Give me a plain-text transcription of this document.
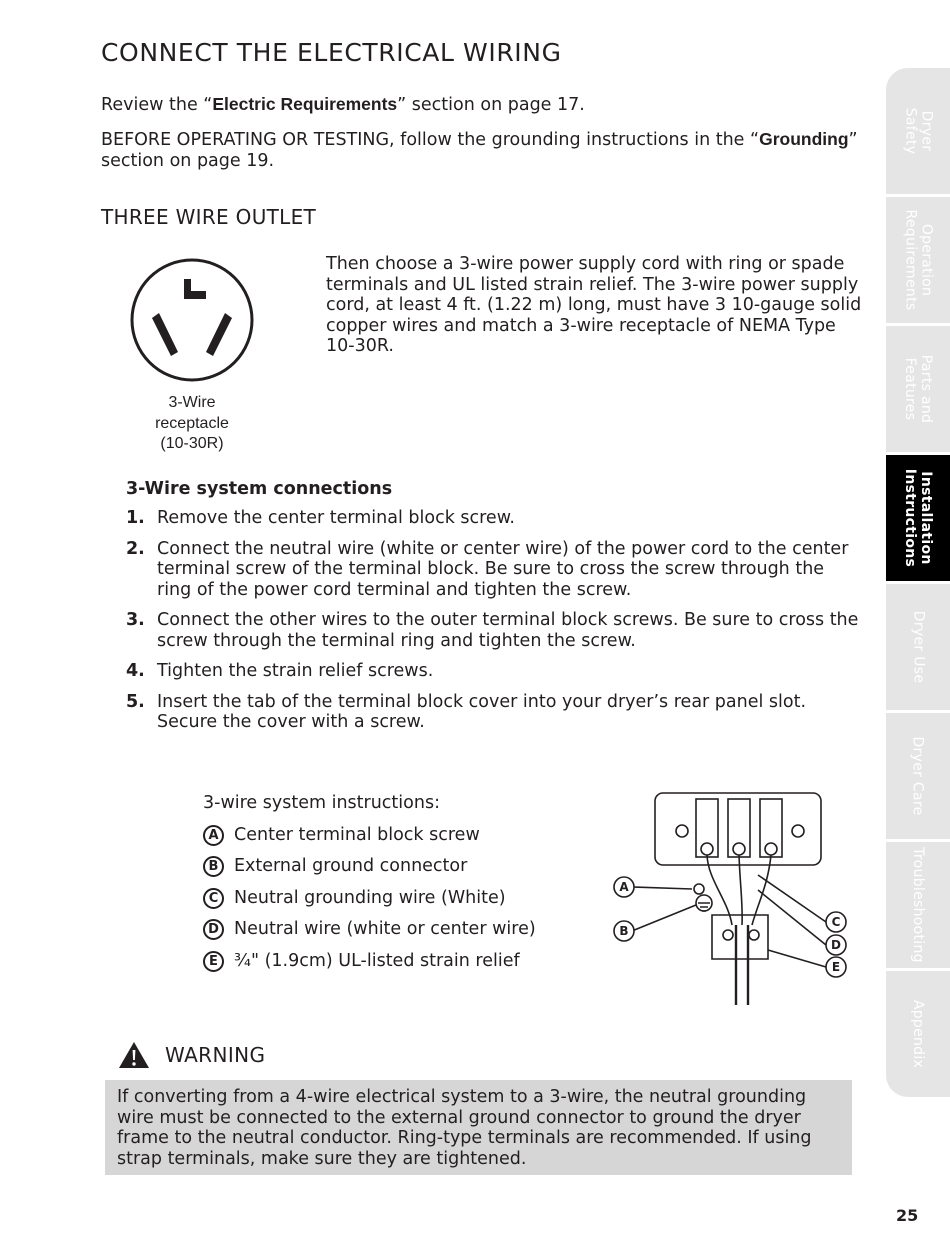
CONNECT THE ELECTRICAL WIRING

Review the “Electric Requirements” section on page 17.

BEFORE OPERATING OR TESTING, follow the grounding instructions in the “Grounding” section on page 19.

THREE WIRE OUTLET
3-Wire
receptacle
(10-30R)
Then choose a 3-wire power supply cord with ring or spade terminals and UL listed strain relief. The 3-wire power supply cord, at least 4 ft. (1.22 m) long, must have 3 10-gauge solid copper wires and match a 3-wire receptacle of NEMA Type 10-30R.
3-Wire system connections
1. Remove the center terminal block screw.
2. Connect the neutral wire (white or center wire) of the power cord to the center terminal screw of the terminal block. Be sure to cross the screw through the ring of the power cord terminal and tighten the screw.
3. Connect the other wires to the outer terminal block screws. Be sure to cross the screw through the terminal ring and tighten the screw.
4. Tighten the strain relief screws.
5. Insert the tab of the terminal block cover into your dryer’s rear panel slot. Secure the cover with a screw.
3-wire system instructions:
A Center terminal block screw
B External ground connector
C Neutral grounding wire (White)
D Neutral wire (white or center wire)
E ¾" (1.9cm) UL-listed strain relief
A
B
C
D
E
WARNING
If converting from a 4-wire electrical system to a 3-wire, the neutral grounding wire must be connected to the external ground connector to ground the dryer frame to the neutral conductor. Ring-type terminals are recommended. If using strap terminals, make sure they are tightened.
Dryer
Safety
Operation
Requirements
Parts and
Features
Installation
Instructions
Dryer Use
Dryer Care
Troubleshooting
Appendix
25
